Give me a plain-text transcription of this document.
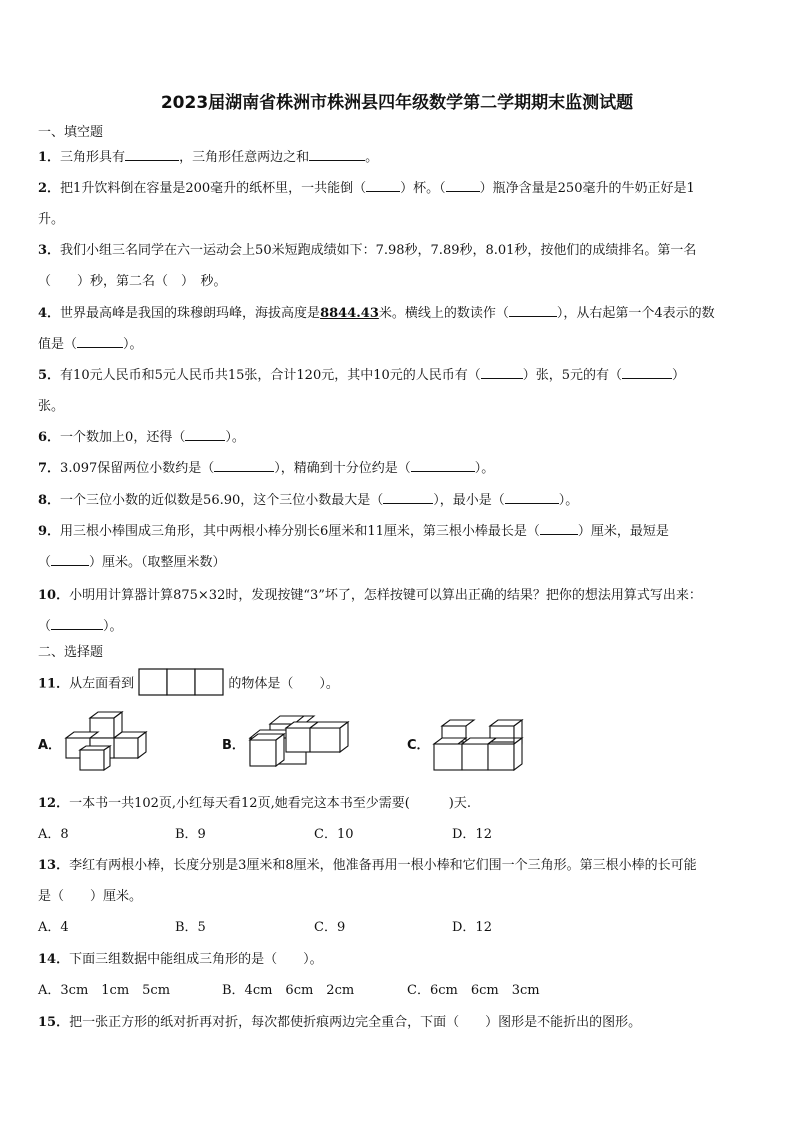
2023届湖南省株洲市株洲县四年级数学第二学期期末监测试题
一、填空题
1．三角形具有	，三角形任意两边之和	。
2．把1升饮料倒在容量是200毫升的纸杯里，一共能倒（	）杯。（	）瓶净含量是250毫升的牛奶正好是1
升。
3．我们小组三名同学在六一运动会上50米短跑成绩如下：7.98秒，7.89秒，8.01秒，按他们的成绩排名。第一名
（　　）秒，第二名（　）　秒。
4．世界最高峰是我国的珠穆朗玛峰，海拔高度是8844.43米。横线上的数读作（	），从右起第一个4表示的数
值是（	）。
5．有10元人民币和5元人民币共15张，合计120元，其中10元的人民币有（	）张，5元的有（	）
张。
6．一个数加上0，还得（	）。
7．3.097保留两位小数约是（	），精确到十分位约是（	）。
8．一个三位小数的近似数是56.90，这个三位小数最大是（	），最小是（	）。
9．用三根小棒围成三角形，其中两根小棒分别长6厘米和11厘米，第三根小棒最长是（	）厘米，最短是
（	）厘米。（取整厘米数）
10．小明用计算器计算875×32时，发现按键“3”坏了，怎样按键可以算出正确的结果？把你的想法用算式写出来：
（	）。
二、选择题
11．从左面看到	的物体是（　　）。
A．	B．	C．
12．一本书一共102页,小红每天看12页,她看完这本书至少需要(　　　)天.
A．8	B．9	C．10	D．12
13．李红有两根小棒，长度分别是3厘米和8厘米，他准备再用一根小棒和它们围一个三角形。第三根小棒的长可能
是（　　）厘米。
A．4	B．5	C．9	D．12
14．下面三组数据中能组成三角形的是（　　）。
A．3cm　1cm　5cm	B．4cm　6cm　2cm	C．6cm　6cm　3cm
15．把一张正方形的纸对折再对折，每次都使折痕两边完全重合，下面（　　）图形是不能折出的图形。
